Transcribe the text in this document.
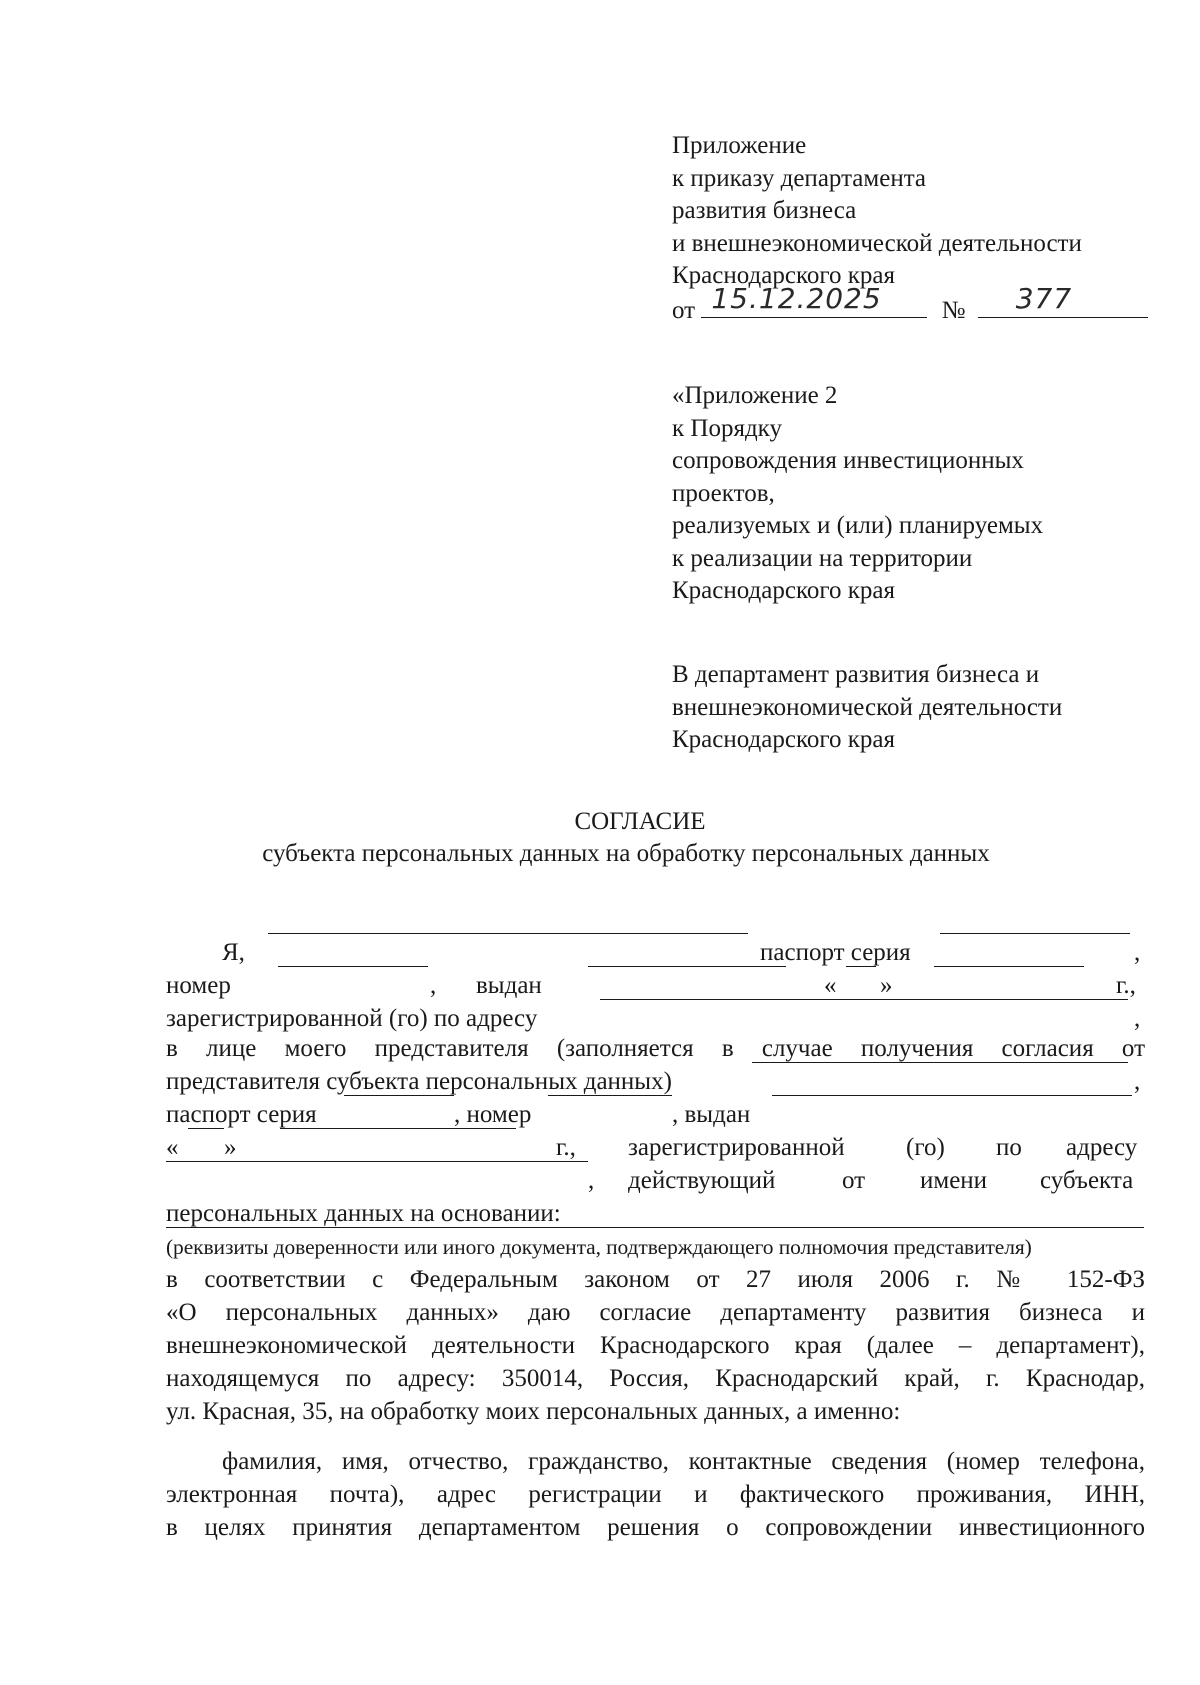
Приложение
к приказу департамента
развития бизнеса
и внешнеэкономической деятельности
Краснодарского края
от 15.12.2025 № 377
«Приложение 2
к Порядку
сопровождения инвестиционных
проектов,
реализуемых и (или) планируемых
к реализации на территории
Краснодарского края
В департамент развития бизнеса и
внешнеэкономической деятельности
Краснодарского края
СОГЛАСИЕ
субъекта персональных данных на обработку персональных данных
Я,	паспорт серия	,
номер	, выдан	« »	г.,
зарегистрированной (го) по адресу	,
в лице моего представителя (заполняется в случае получения согласия от
представителя субъекта персональных данных)	,
паспорт серия	, номер	, выдан
« »	г., зарегистрированной (го) по адресу
, действующий	от имени субъекта
персональных данных на основании:
(реквизиты доверенности или иного документа, подтверждающего полномочия представителя)
в соответствии с Федеральным законом от 27 июля 2006 г. № 152-ФЗ
«О персональных данных» даю согласие департаменту развития бизнеса и
внешнеэкономической деятельности Краснодарского края (далее – департамент),
находящемуся по адресу: 350014, Россия, Краснодарский край, г. Краснодар,
ул. Красная, 35, на обработку моих персональных данных, а именно:
фамилия, имя, отчество, гражданство, контактные сведения (номер телефона,
электронная почта), адрес регистрации и фактического проживания, ИНН,
в целях принятия департаментом решения о сопровождении инвестиционного
